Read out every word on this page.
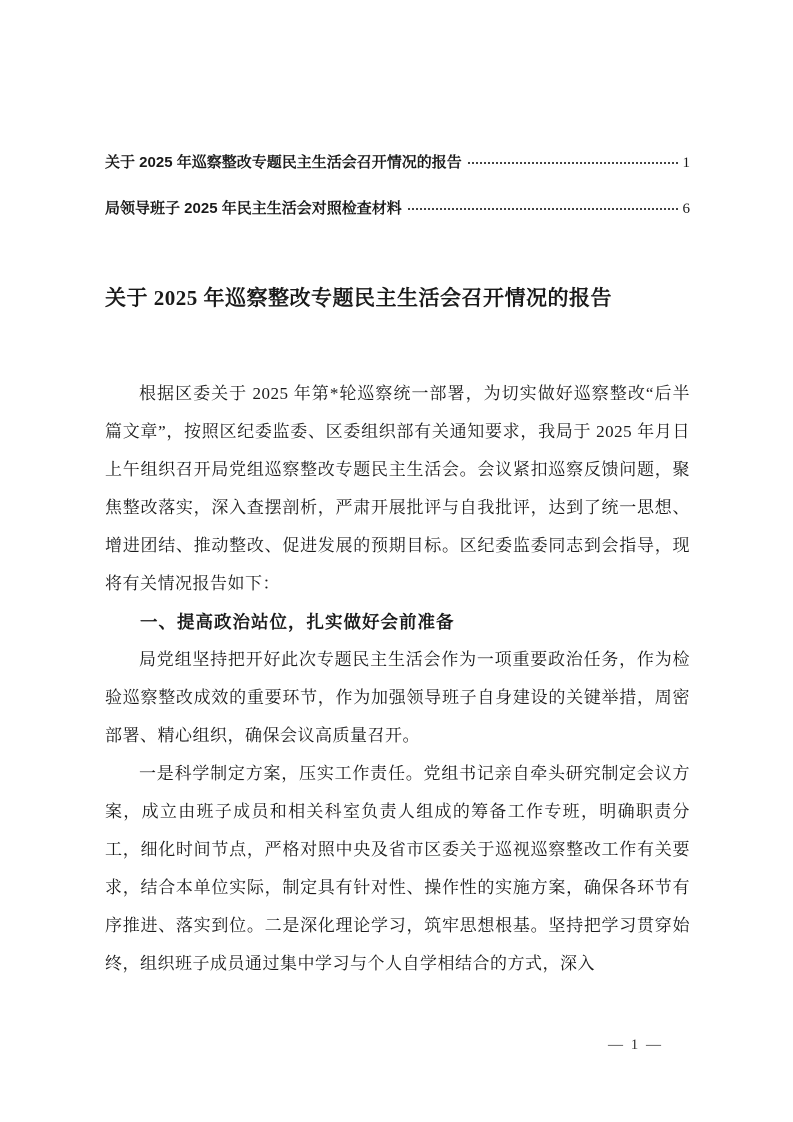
关于 2025 年巡察整改专题民主生活会召开情况的报告	1
局领导班子 2025 年民主生活会对照检查材料	6
关于 2025 年巡察整改专题民主生活会召开情况的报告

根据区委关于 2025 年第*轮巡察统一部署，为切实做好巡察整改“后半篇文章”，按照区纪委监委、区委组织部有关通知要求，我局于 2025 年月日上午组织召开局党组巡察整改专题民主生活会。会议紧扣巡察反馈问题，聚焦整改落实，深入查摆剖析，严肃开展批评与自我批评，达到了统一思想、增进团结、推动整改、促进发展的预期目标。区纪委监委同志到会指导，现将有关情况报告如下：

一、提高政治站位，扎实做好会前准备

局党组坚持把开好此次专题民主生活会作为一项重要政治任务，作为检验巡察整改成效的重要环节，作为加强领导班子自身建设的关键举措，周密部署、精心组织，确保会议高质量召开。

一是科学制定方案，压实工作责任。党组书记亲自牵头研究制定会议方案，成立由班子成员和相关科室负责人组成的筹备工作专班，明确职责分工，细化时间节点，严格对照中央及省市区委关于巡视巡察整改工作有关要求，结合本单位实际，制定具有针对性、操作性的实施方案，确保各环节有序推进、落实到位。二是深化理论学习，筑牢思想根基。坚持把学习贯穿始终，组织班子成员通过集中学习与个人自学相结合的方式，深入

— 1 —
